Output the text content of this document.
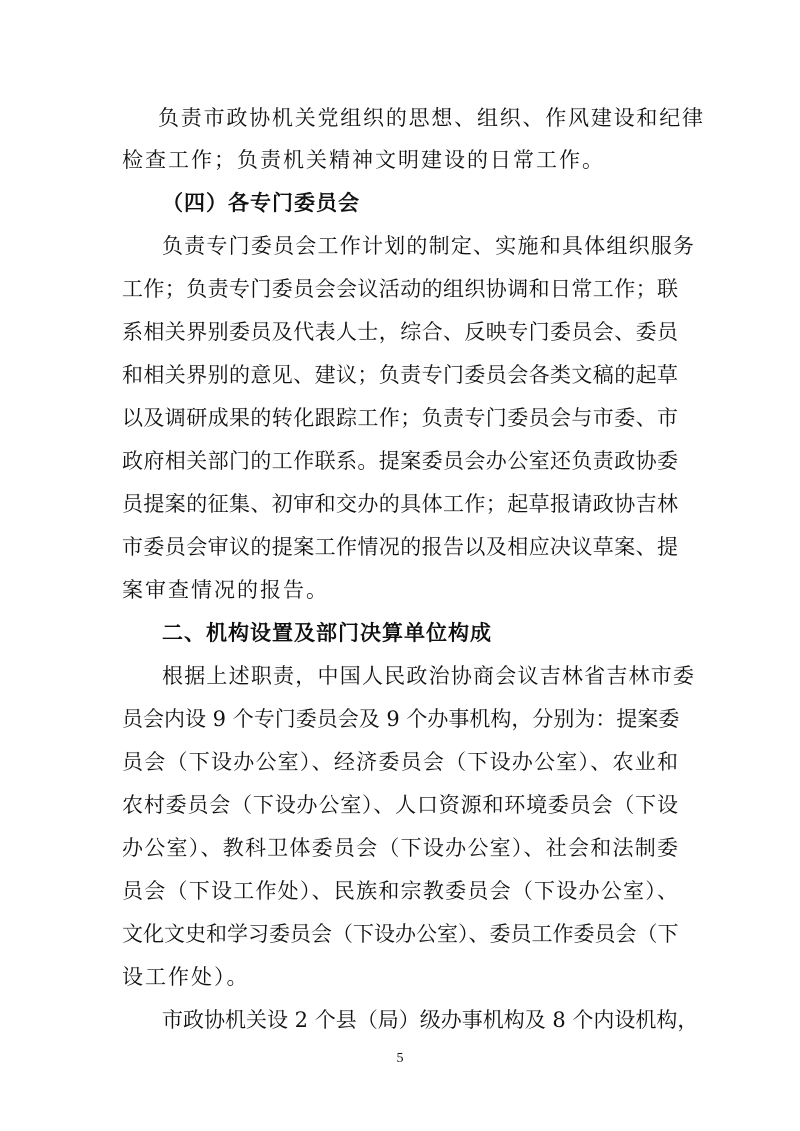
负责市政协机关党组织的思想、组织、作风建设和纪律
检查工作；负责机关精神文明建设的日常工作。
（四）各专门委员会
负责专门委员会工作计划的制定、实施和具体组织服务
工作；负责专门委员会会议活动的组织协调和日常工作；联
系相关界别委员及代表人士，综合、反映专门委员会、委员
和相关界别的意见、建议；负责专门委员会各类文稿的起草
以及调研成果的转化跟踪工作；负责专门委员会与市委、市
政府相关部门的工作联系。提案委员会办公室还负责政协委
员提案的征集、初审和交办的具体工作；起草报请政协吉林
市委员会审议的提案工作情况的报告以及相应决议草案、提
案审查情况的报告。
二、机构设置及部门决算单位构成
根据上述职责，中国人民政治协商会议吉林省吉林市委
员会内设 9 个专门委员会及 9 个办事机构，分别为：提案委
员会（下设办公室）、经济委员会（下设办公室）、农业和
农村委员会（下设办公室）、人口资源和环境委员会（下设
办公室）、教科卫体委员会（下设办公室）、社会和法制委
员会（下设工作处）、民族和宗教委员会（下设办公室）、
文化文史和学习委员会（下设办公室）、委员工作委员会（下
设工作处）。
市政协机关设 2 个县（局）级办事机构及 8 个内设机构，
5
